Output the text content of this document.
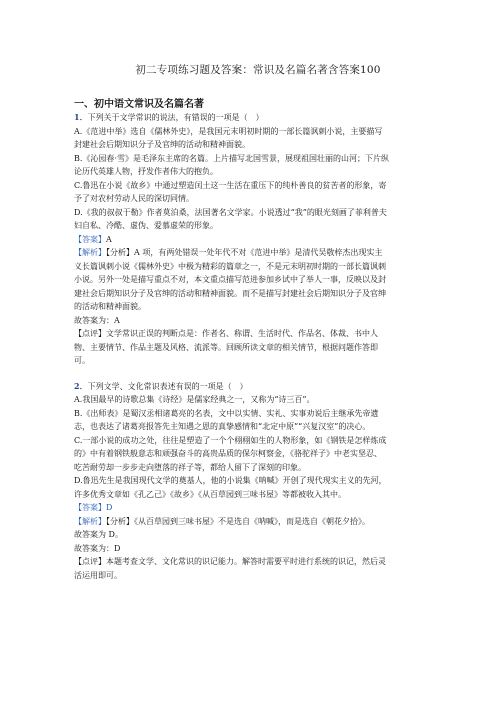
初二专项练习题及答案：常识及名篇名著含答案100

一、初中语文常识及名篇名著

1．下列关于文学常识的说法，有错误的一项是（　）

A.《范进中举》选自《儒林外史》，是我国元末明初时期的一部长篇讽刺小说，主要描写

封建社会后期知识分子及官绅的活动和精神面貌。

B.《沁园春·雪》是毛泽东主席的名篇。上片描写北国雪景，展现祖国壮丽的山河；下片纵

论历代英雄人物，抒发作者伟大的抱负。

C.鲁迅在小说《故乡》中通过塑造闰土这一生活在重压下的纯朴善良的贫苦者的形象，寄

予了对农村劳动人民的深切同情。

D.《我的叔叔于勒》作者莫泊桑，法国著名文学家。小说透过“我”的眼光刻画了菲利普夫

妇自私、冷酷、虚伪、爱慕虚荣的形象。

【答案】A

【解析】【分析】A 项，有两处错误一处年代不对《范进中举》是清代吴敬梓杰出现实主

义长篇讽刺小说《儒林外史》中极为精彩的篇章之一，不是元末明初时期的一部长篇讽刺

小说。另外一处是描写重点不对，本文重点描写范进参加乡试中了举人一事，反映以及封

建社会后期知识分子及官绅的活动和精神面貌。而不是描写封建社会后期知识分子及官绅

的活动和精神面貌。

故答案为：A

【点评】文学常识正误的判断点是：作者名、称谓、生活时代、作品名、体裁、书中人

物、主要情节、作品主题及风格、流派等。回顾所读文章的相关情节，根据问题作答即

可。

2．下列文学、文化常识表述有误的一项是（　）

A.我国最早的诗歌总集《诗经》是儒家经典之一，又称为“诗三百”。

B.《出师表》是蜀汉丞相诸葛亮的名表，文中以实情、实礼、实事劝说后主继承先帝遗

志，也表达了诸葛亮报答先主知遇之恩的真挚感情和“北定中原”“兴复汉室”的决心。

C.一部小说的成功之处，往往是塑造了一个个栩栩如生的人物形象，如《钢铁是怎样炼成

的》中有着钢铁般意志和顽强奋斗的高贵品质的保尔柯察金，《骆驼祥子》中老实坚忍、

吃苦耐劳却一步步走向堕落的祥子等，都给人留下了深刻的印象。

D.鲁迅先生是我国现代文学的奠基人，他的小说集《呐喊》开创了现代现实主义的先河，

许多优秀文章如《孔乙己》《故乡》《从百草园到三味书屋》等都被收入其中。

【答案】D

【解析】【分析】《从百草园到三味书屋》不是选自《呐喊》，而是选自《朝花夕拾》。

故答案为 D。

故答案为：D

【点评】本题考查文学、文化常识的识记能力。解答时需要平时进行系统的识记，然后灵

活运用即可。
